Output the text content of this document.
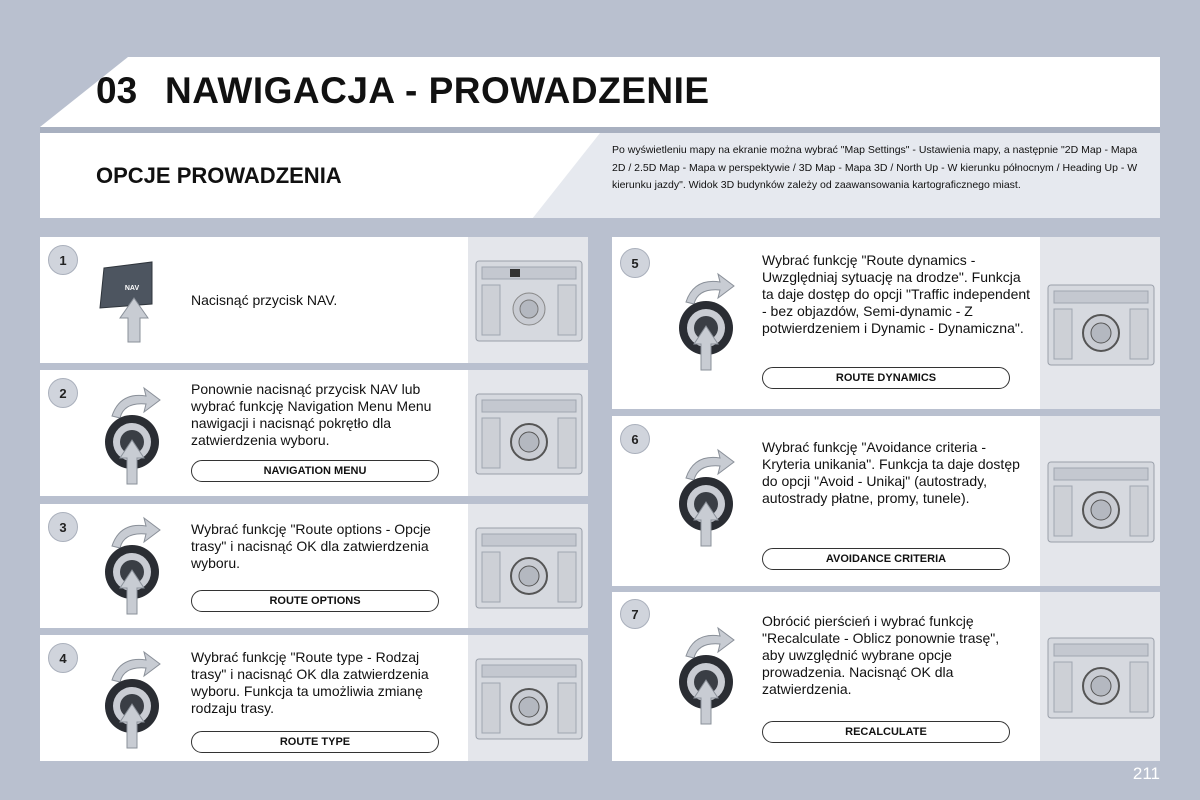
03 NAWIGACJA - PROWADZENIE
OPCJE PROWADZENIA
Po wyświetleniu mapy na ekranie można wybrać "Map Settings" - Ustawienia mapy, a następnie "2D Map - Mapa 2D / 2.5D Map - Mapa w perspektywie / 3D Map - Mapa 3D / North Up - W kierunku północnym / Heading Up - W kierunku jazdy". Widok 3D budynków zależy od zaawansowania kartograficznego miast.
1
NAV
Nacisnąć przycisk NAV.
2	Ponownie nacisnąć przycisk NAV lub wybrać funkcję Navigation Menu Menu nawigacji i nacisnąć pokrętło dla zatwierdzenia wyboru.
NAVIGATION MENU
3	Wybrać funkcję "Route options - Opcje trasy" i nacisnąć OK dla zatwierdzenia wyboru.
ROUTE OPTIONS
4	Wybrać funkcję "Route type - Rodzaj trasy" i nacisnąć OK dla zatwierdzenia wyboru. Funkcja ta umożliwia zmianę rodzaju trasy.
ROUTE TYPE
5	Wybrać funkcję "Route dynamics - Uwzględniaj sytuację na drodze". Funkcja ta daje dostęp do opcji "Traffic independent - bez objazdów, Semi-dynamic - Z potwierdzeniem i Dynamic - Dynamiczna".
ROUTE DYNAMICS
6	Wybrać funkcję "Avoidance criteria - Kryteria unikania". Funkcja ta daje dostęp do opcji "Avoid - Unikaj" (autostrady, autostrady płatne, promy, tunele).
AVOIDANCE CRITERIA
7	Obrócić pierścień i wybrać funkcję "Recalculate - Oblicz ponownie trasę", aby uwzględnić wybrane opcje prowadzenia. Nacisnąć OK dla zatwierdzenia.
RECALCULATE
211
